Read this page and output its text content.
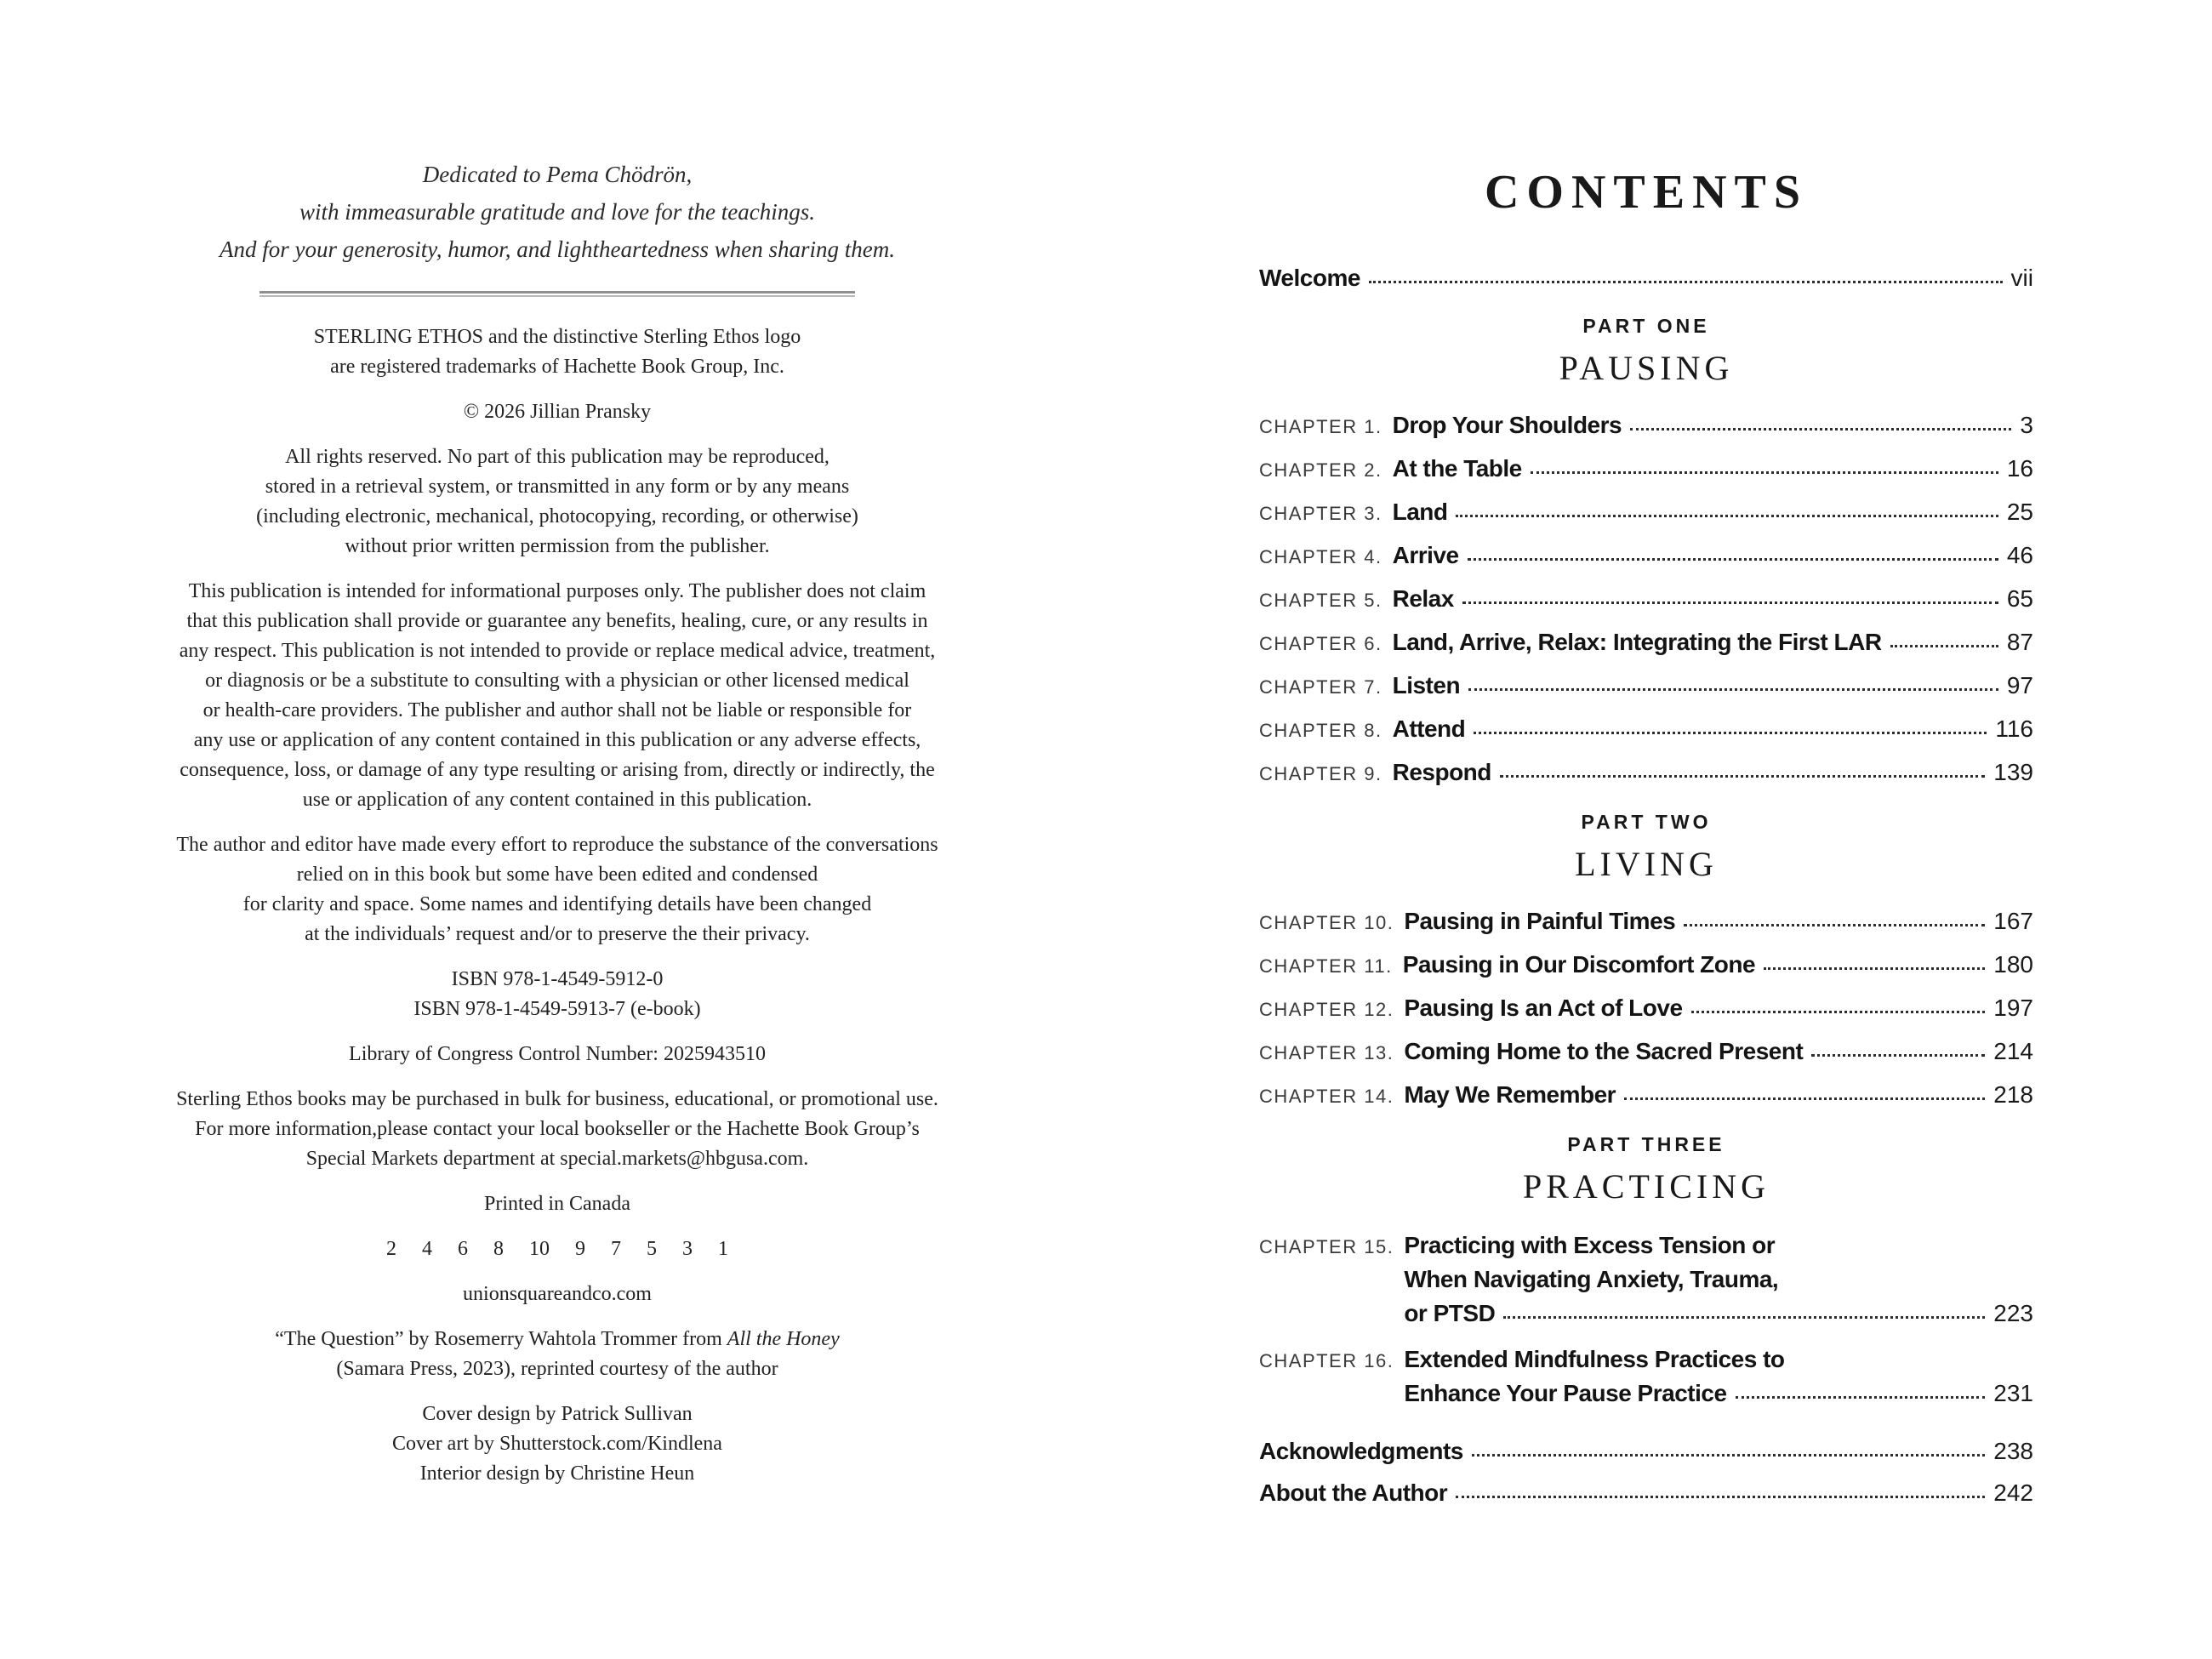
Dedicated to Pema Chödrön,
with immeasurable gratitude and love for the teachings.
And for your generosity, humor, and lightheartedness when sharing them.
STERLING ETHOS and the distinctive Sterling Ethos logo
are registered trademarks of Hachette Book Group, Inc.
© 2026 Jillian Pransky
All rights reserved. No part of this publication may be reproduced,
stored in a retrieval system, or transmitted in any form or by any means
(including electronic, mechanical, photocopying, recording, or otherwise)
without prior written permission from the publisher.
This publication is intended for informational purposes only. The publisher does not claim
that this publication shall provide or guarantee any benefits, healing, cure, or any results in
any respect. This publication is not intended to provide or replace medical advice, treatment,
or diagnosis or be a substitute to consulting with a physician or other licensed medical
or health-care providers. The publisher and author shall not be liable or responsible for
any use or application of any content contained in this publication or any adverse effects,
consequence, loss, or damage of any type resulting or arising from, directly or indirectly, the
use or application of any content contained in this publication.
The author and editor have made every effort to reproduce the substance of the conversations
relied on in this book but some have been edited and condensed
for clarity and space. Some names and identifying details have been changed
at the individuals’ request and/or to preserve the their privacy.
ISBN 978-1-4549-5912-0
ISBN 978-1-4549-5913-7 (e-book)
Library of Congress Control Number: 2025943510
Sterling Ethos books may be purchased in bulk for business, educational, or promotional use.
For more information,please contact your local bookseller or the Hachette Book Group’s
Special Markets department at special.markets@hbgusa.com.
Printed in Canada
2 4 6 8 10 9 7 5 3 1
unionsquareandco.com
“The Question” by Rosemerry Wahtola Trommer from All the Honey
(Samara Press, 2023), reprinted courtesy of the author
Cover design by Patrick Sullivan
Cover art by Shutterstock.com/Kindlena
Interior design by Christine Heun
CONTENTS
Welcome	vii
PART ONE
PAUSING
CHAPTER 1. Drop Your Shoulders	3
CHAPTER 2. At the Table	16
CHAPTER 3. Land	25
CHAPTER 4. Arrive	46
CHAPTER 5. Relax	65
CHAPTER 6. Land, Arrive, Relax: Integrating the First LAR	87
CHAPTER 7. Listen	97
CHAPTER 8. Attend	116
CHAPTER 9. Respond	139
PART TWO
LIVING
CHAPTER 10. Pausing in Painful Times	167
CHAPTER 11. Pausing in Our Discomfort Zone	180
CHAPTER 12. Pausing Is an Act of Love	197
CHAPTER 13. Coming Home to the Sacred Present	214
CHAPTER 14. May We Remember	218
PART THREE
PRACTICING
CHAPTER 15. Practicing with Excess Tension or
When Navigating Anxiety, Trauma,
or PTSD	223
CHAPTER 16. Extended Mindfulness Practices to
Enhance Your Pause Practice	231
Acknowledgments	238
About the Author	242
